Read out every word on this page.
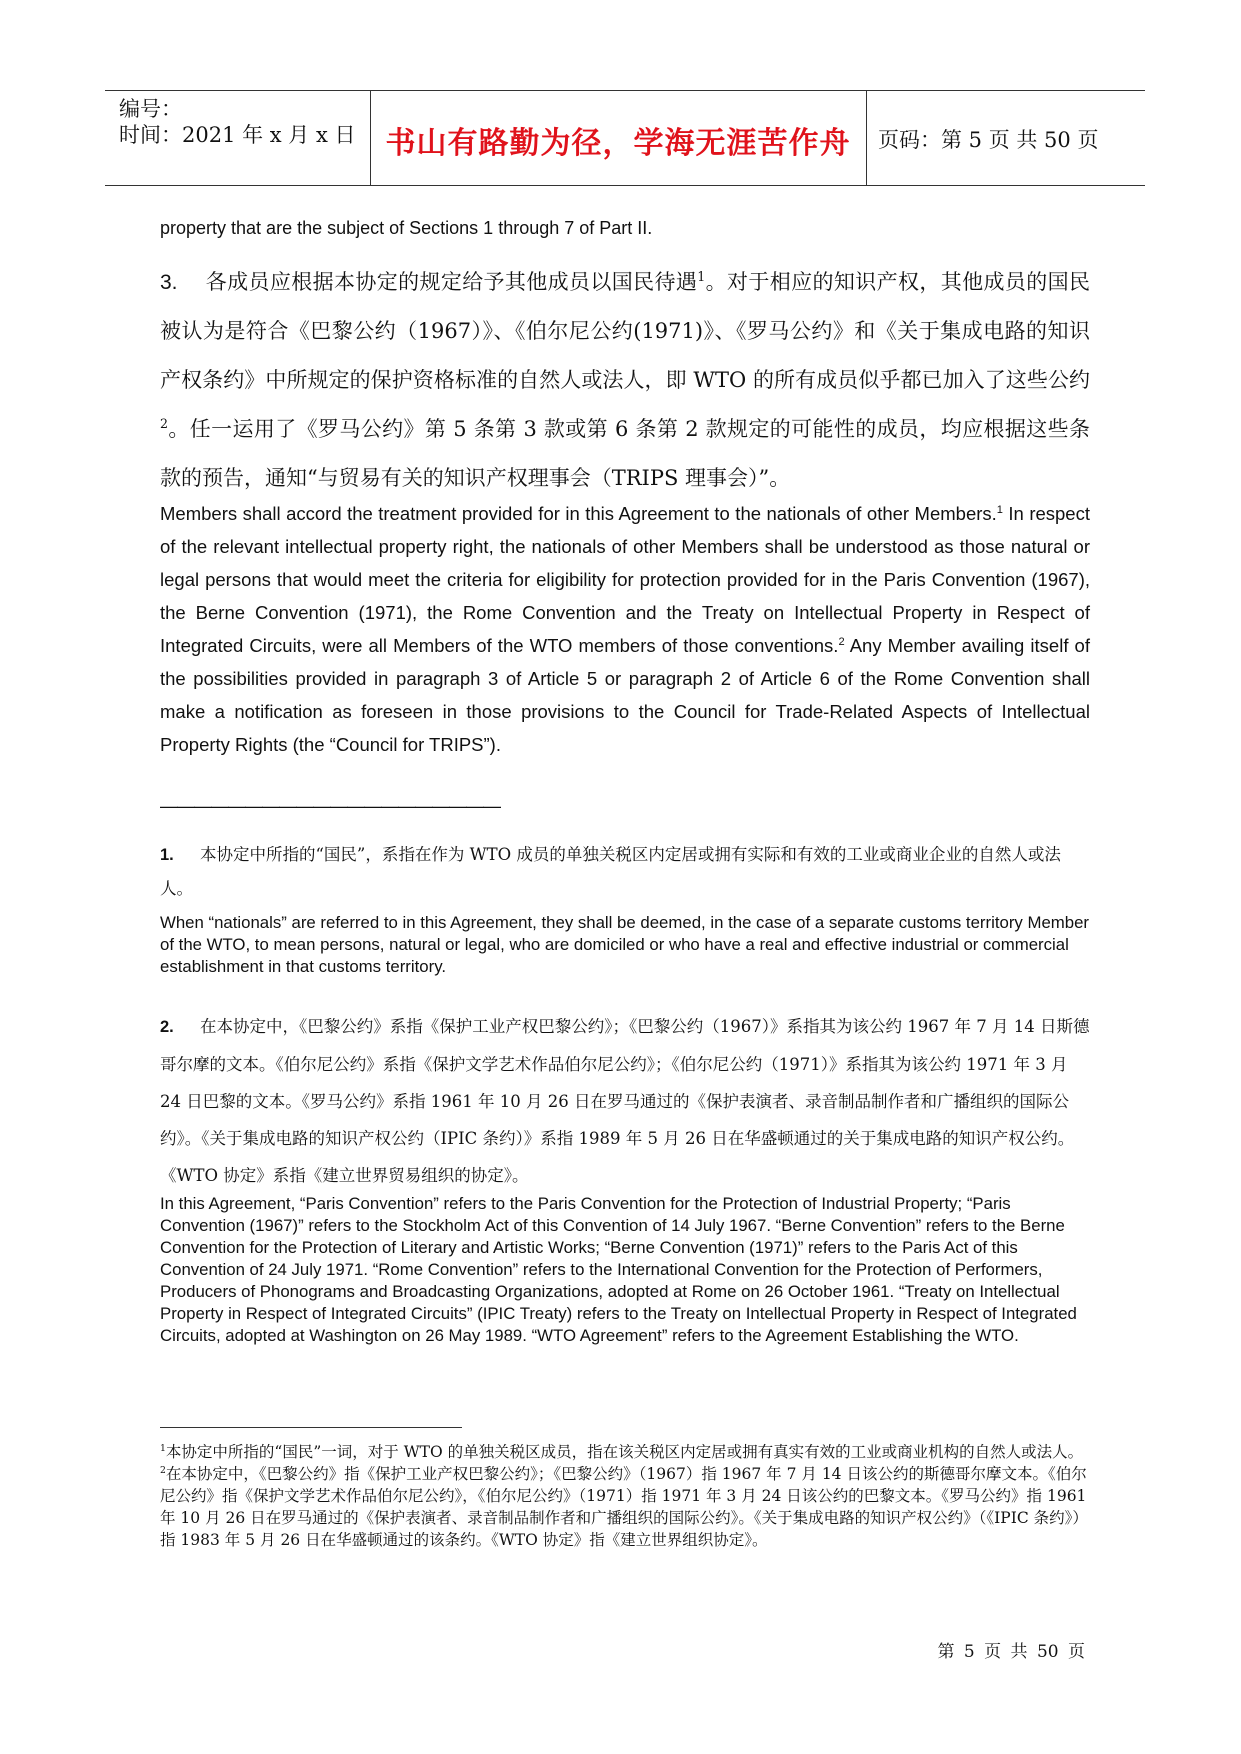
编号：
时间：2021 年 x 月 x 日 书山有路勤为径，学海无涯苦作舟	页码：第 5 页 共 50 页
property that are the subject of Sections 1 through 7 of Part II.
3. 各成员应根据本协定的规定给予其他成员以国民待遇$^1$。对于相应的知识产权，其他成员的国民被认为是符合《巴黎公约（1967）》、《伯尔尼公约(1971)》、《罗马公约》和《关于集成电路的知识产权条约》中所规定的保护资格标准的自然人或法人，即 WTO 的所有成员似乎都已加入了这些公约$^2$。任一运用了《罗马公约》第 5 条第 3 款或第 6 条第 2 款规定的可能性的成员，均应根据这些条款的预告，通知“与贸易有关的知识产权理事会（TRIPS 理事会）”。
Members shall accord the treatment provided for in this Agreement to the nationals of other Members.$^1$ In respect of the relevant intellectual property right, the nationals of other Members shall be understood as those natural or legal persons that would meet the criteria for eligibility for protection provided for in the Paris Convention (1967), the Berne Convention (1971), the Rome Convention and the Treaty on Intellectual Property in Respect of Integrated Circuits, were all Members of the WTO members of those conventions.$^2$ Any Member availing itself of the possibilities provided in paragraph 3 of Article 5 or paragraph 2 of Article 6 of the Rome Convention shall make a notification as foreseen in those provisions to the Council for Trade-Related Aspects of Intellectual Property Rights (the “Council for TRIPS”).
————————————————————
1. 本协定中所指的“国民”，系指在作为 WTO 成员的单独关税区内定居或拥有实际和有效的工业或商业企业的自然人或法人。
When “nationals” are referred to in this Agreement, they shall be deemed, in the case of a separate customs territory Member of the WTO, to mean persons, natural or legal, who are domiciled or who have a real and effective industrial or commercial establishment in that customs territory.
2. 在本协定中，《巴黎公约》系指《保护工业产权巴黎公约》；《巴黎公约（1967）》系指其为该公约 1967 年 7 月 14 日斯德哥尔摩的文本。《伯尔尼公约》系指《保护文学艺术作品伯尔尼公约》；《伯尔尼公约（1971）》系指其为该公约 1971 年 3 月 24 日巴黎的文本。《罗马公约》系指 1961 年 10 月 26 日在罗马通过的《保护表演者、录音制品制作者和广播组织的国际公约》。《关于集成电路的知识产权公约（IPIC 条约）》系指 1989 年 5 月 26 日在华盛顿通过的关于集成电路的知识产权公约。《WTO 协定》系指《建立世界贸易组织的协定》。
In this Agreement, “Paris Convention” refers to the Paris Convention for the Protection of Industrial Property; “Paris Convention (1967)” refers to the Stockholm Act of this Convention of 14 July 1967. “Berne Convention” refers to the Berne Convention for the Protection of Literary and Artistic Works; “Berne Convention (1971)” refers to the Paris Act of this Convention of 24 July 1971. “Rome Convention” refers to the International Convention for the Protection of Performers, Producers of Phonograms and Broadcasting Organizations, adopted at Rome on 26 October 1961. “Treaty on Intellectual Property in Respect of Integrated Circuits” (IPIC Treaty) refers to the Treaty on Intellectual Property in Respect of Integrated Circuits, adopted at Washington on 26 May 1989. “WTO Agreement” refers to the Agreement Establishing the WTO.
$^1$本协定中所指的“国民”一词，对于 WTO 的单独关税区成员，指在该关税区内定居或拥有真实有效的工业或商业机构的自然人或法人。
$^2$在本协定中，《巴黎公约》指《保护工业产权巴黎公约》；《巴黎公约》（1967）指 1967 年 7 月 14 日该公约的斯德哥尔摩文本。《伯尔尼公约》指《保护文学艺术作品伯尔尼公约》，《伯尔尼公约》（1971）指 1971 年 3 月 24 日该公约的巴黎文本。《罗马公约》指 1961 年 10 月 26 日在罗马通过的《保护表演者、录音制品制作者和广播组织的国际公约》。《关于集成电路的知识产权公约》（《IPIC 条约》）指 1983 年 5 月 26 日在华盛顿通过的该条约。《WTO 协定》指《建立世界组织协定》。
第 5 页 共 50 页
